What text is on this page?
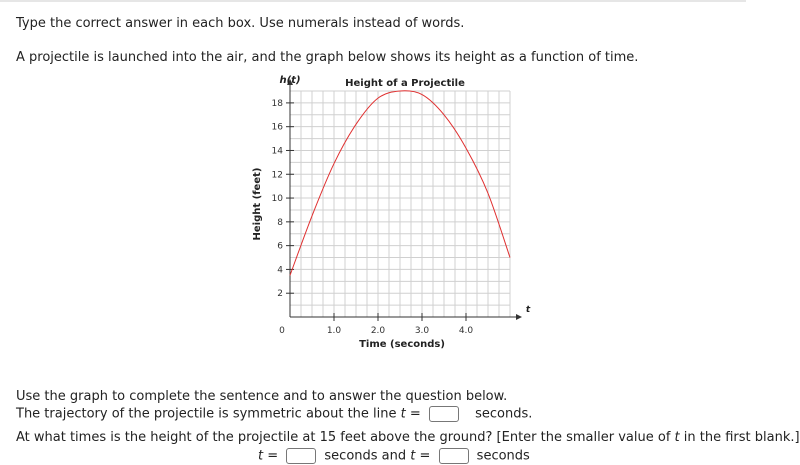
Type the correct answer in each box. Use numerals instead of words.
A projectile is launched into the air, and the graph below shows its height as a function of time.
2
4
6
8
10
12
14
16
18
0	1.0	2.0	3.0	4.0
h(t)	Height of a Projectile
Time (seconds)
t
Height (feet)
Use the graph to complete the sentence and to answer the question below.
The trajectory of the projectile is symmetric about the line t =	seconds.
At what times is the height of the projectile at 15 feet above the ground? [Enter the smaller value of t in the first blank.]
t =	seconds and t =	seconds
